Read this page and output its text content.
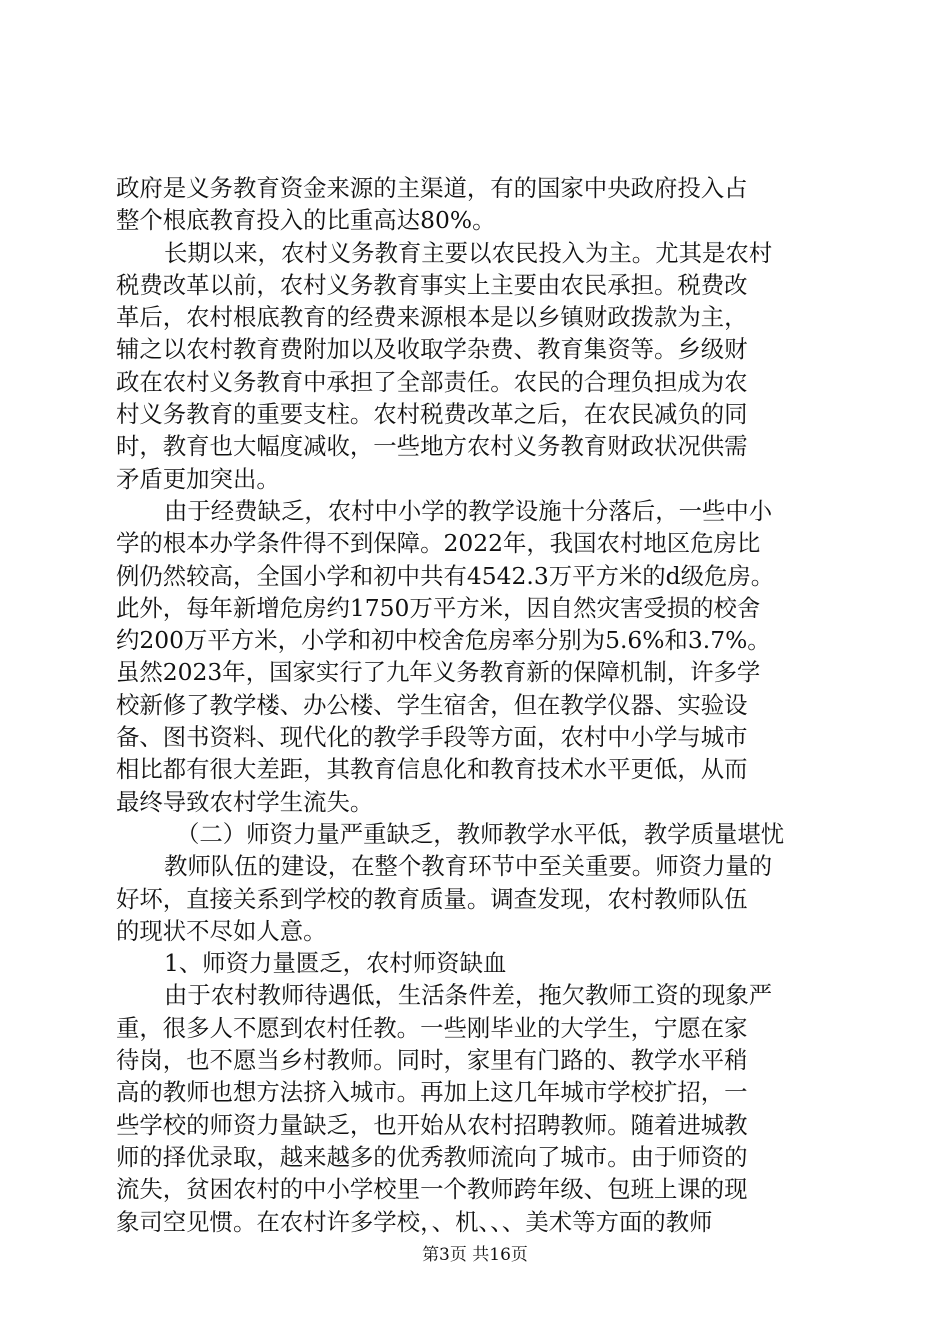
政府是义务教育资金来源的主渠道，有的国家中央政府投入占
整个根底教育投入的比重高达80%。
长期以来，农村义务教育主要以农民投入为主。尤其是农村
税费改革以前，农村义务教育事实上主要由农民承担。税费改
革后，农村根底教育的经费来源根本是以乡镇财政拨款为主，
辅之以农村教育费附加以及收取学杂费、教育集资等。乡级财
政在农村义务教育中承担了全部责任。农民的合理负担成为农
村义务教育的重要支柱。农村税费改革之后，在农民减负的同
时，教育也大幅度减收，一些地方农村义务教育财政状况供需
矛盾更加突出。
由于经费缺乏，农村中小学的教学设施十分落后，一些中小
学的根本办学条件得不到保障。2022年，我国农村地区危房比
例仍然较高，全国小学和初中共有4542.3万平方米的d级危房。
此外，每年新增危房约1750万平方米，因自然灾害受损的校舍
约200万平方米，小学和初中校舍危房率分别为5.6%和3.7%。
虽然2023年，国家实行了九年义务教育新的保障机制，许多学
校新修了教学楼、办公楼、学生宿舍，但在教学仪器、实验设
备、图书资料、现代化的教学手段等方面，农村中小学与城市
相比都有很大差距，其教育信息化和教育技术水平更低，从而
最终导致农村学生流失。
（二）师资力量严重缺乏，教师教学水平低，教学质量堪忧
教师队伍的建设，在整个教育环节中至关重要。师资力量的
好坏，直接关系到学校的教育质量。调查发现，农村教师队伍
的现状不尽如人意。
1、师资力量匮乏，农村师资缺血
由于农村教师待遇低，生活条件差，拖欠教师工资的现象严
重，很多人不愿到农村任教。一些刚毕业的大学生，宁愿在家
待岗，也不愿当乡村教师。同时，家里有门路的、教学水平稍
高的教师也想方法挤入城市。再加上这几年城市学校扩招，一
些学校的师资力量缺乏，也开始从农村招聘教师。随着进城教
师的择优录取，越来越多的优秀教师流向了城市。由于师资的
流失，贫困农村的中小学校里一个教师跨年级、包班上课的现
象司空见惯。在农村许多学校，、机、、、美术等方面的教师
第3页 共16页
